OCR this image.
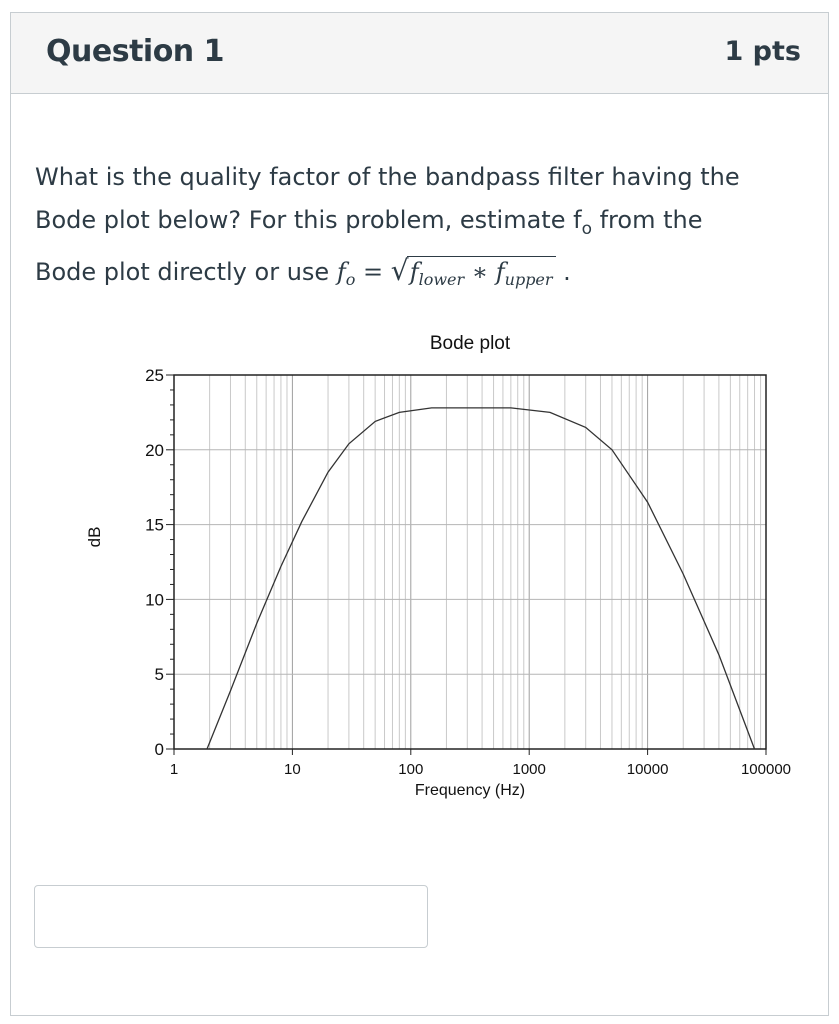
Question 1	1 pts
What is the quality factor of the bandpass filter having the
Bode plot below? For this problem, estimate $f_o$ from the
Bode plot directly or use $f_o$ = √ $f_{lower}$ ∗ $f_{upper}$ .
Bode plot
1	10	100	1000	10000	100000
0
5
10
15
20
25
Frequency (Hz)
dB
